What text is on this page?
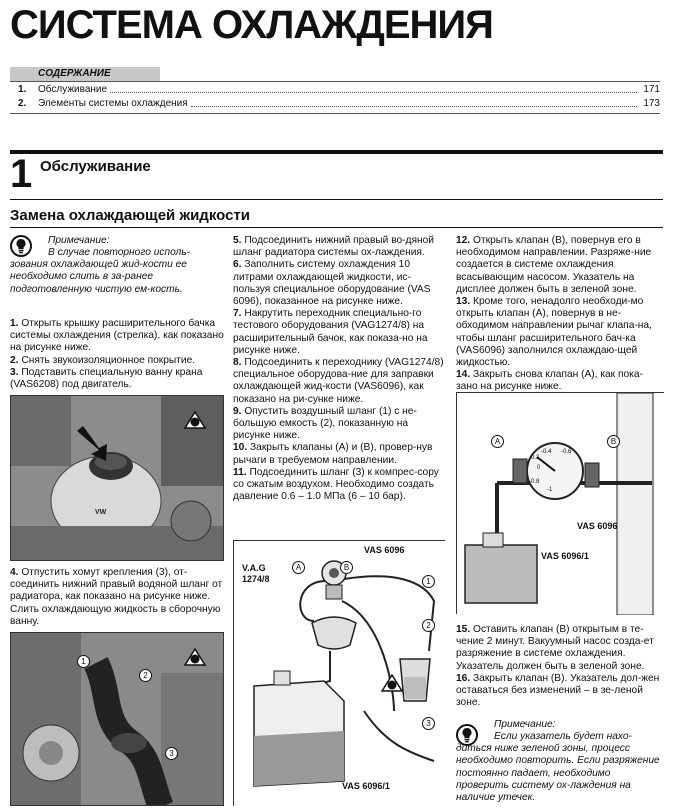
СИСТЕМА ОХЛАЖДЕНИЯ
СОДЕРЖАНИЕ
1.	Обслуживание	171
2.	Элементы системы охлаждения	173
1 Обслуживание
Замена охлаждающей жидкости
Примечание:
В случае повторного исполь-зования охлаждающей жид-кости ее необходимо слить в за-ранее подготовленную чистую ем-кость.

1. Открыть крышку расширительного бачка системы охлаждения (стрелка), как показано на рисунке ниже.

2. Снять звукоизоляционное покрытие.

3. Подставить специальную ванну крана (VAS6208) под двигатель.

VW

4. Отпустить хомут крепления (3), от-соединить нижний правый водяной шланг от радиатора, как показано на рисунке ниже. Слить охлаждающую жидкость в сборочную ванну.

1
2
3

5. Подсоединить нижний правый во-дяной шланг радиатора системы ох-лаждения.

6. Заполнить систему охлаждения 10 литрами охлаждающей жидкости, ис-пользуя специальное оборудование (VAS 6096), показанное на рисунке ниже.

7. Накрутить переходник специально-го тестового оборудования (VAG1274/8) на расширительный бачок, как показа-но на рисунке ниже.

8. Подсоединить к переходнику (VAG1274/8) специальное оборудова-ние для заправки охлаждающей жид-кости (VAS6096), как показано на ри-сунке ниже.

9. Опустить воздушный шланг (1) с не-большую емкость (2), показанную на рисунке ниже.

10. Закрыть клапаны (A) и (B), провер-нув рычаги в требуемом направлении.

11. Подсоединить шланг (3) к компрес-сору со сжатым воздухом. Необходимо создать давление 0.6 – 1.0 МПа (6 – 10 бар).

V.A.G
1274/8
VAS 6096
VAS 6096/1
A	B
1
2
3

12. Открыть клапан (B), повернув его в необходимом направлении. Разряже-ние создается в системе охлаждения всасывающим насосом. Указатель на дисплее должен быть в зеленой зоне.

13. Кроме того, ненадолго необходи-мо открыть клапан (A), повернув в не-обходимом направлении рычаг клапа-на, чтобы шланг расширительного бач-ка (VAS6096) заполнился охлаждаю-щей жидкостью.

14. Закрыть снова клапан (A), как пока-зано на рисунке ниже.

-0.4 -0.6
-0.8
-1
0.2
0
VAS 6096
VAS 6096/1
A	B

15. Оставить клапан (B) открытым в те-чение 2 минут. Вакуумный насос созда-ет разряжение в системе охлаждения. Указатель должен быть в зеленой зоне.

16. Закрыть клапан (B). Указатель дол-жен оставаться без изменений – в зе-леной зоне.

Примечание:
Если указатель будет нахо-диться ниже зеленой зоны, процесс необходимо повторить. Если разряжение постоянно падает, необходимо проверить систему ох-лаждения на наличие утечек.
